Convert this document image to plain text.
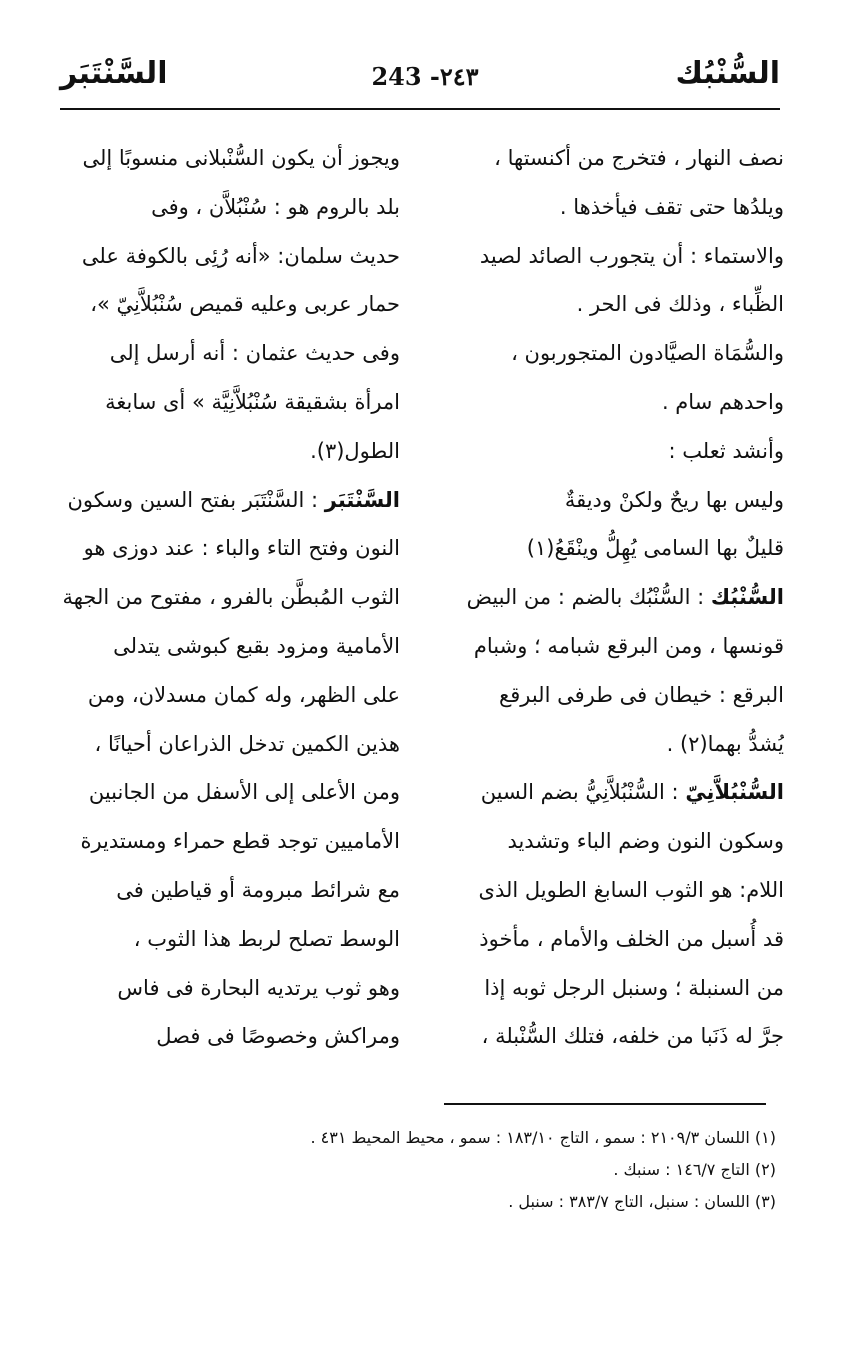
السُّنْبُك
243 -٢٤٣
السَّنْتَبَر
نصف النهار ، فتخرج من أكنستها ،
ويلدُها حتى تقف فيأخذها .
والاستماء : أن يتجورب الصائد لصيد
الظِّباء ، وذلك فى الحر .
والسُّمَاة الصيَّادون المتجوربون ،
واحدهم سام .
وأنشد ثعلب :
وليس بها ريحٌ ولكنْ وديقةٌ
قليلٌ بها السامى يُهِلُّ وينْقَعُ(١)
السُّنْبُك : السُّنْبُك بالضم : من البيض
قونسها ، ومن البرقع شبامه ؛ وشبام
البرقع : خيطان فى طرفى البرقع
يُشدُّ بهما(٢) .
السُّنْبُلاَّنِيّ : السُّنْبُلاَّنِيُّ بضم السين
وسكون النون وضم الباء وتشديد
اللام: هو الثوب السابغ الطويل الذى
قد أُسبل من الخلف والأمام ، مأخوذ
من السنبلة ؛ وسنبل الرجل ثوبه إذا
جرَّ له ذَنَبا من خلفه، فتلك السُّنْبلة ،
ويجوز أن يكون السُّنْبلانى منسوبًا إلى
بلد بالروم هو : سُنْبُلاَّن ، وفى
حديث سلمان: «أنه رُئِى بالكوفة على
حمار عربى وعليه قميص سُنْبُلاَّنِيّ »،
وفى حديث عثمان : أنه أرسل إلى
امرأة بشقيقة سُنْبُلاَّنِيَّة » أى سابغة
الطول(٣).
السَّنْتَبَر : السَّنْتَبَر بفتح السين وسكون
النون وفتح التاء والباء : عند دوزى هو
الثوب المُبطَّن بالفرو ، مفتوح من الجهة
الأمامية ومزود بقبع كبوشى يتدلى
على الظهر، وله كمان مسدلان، ومن
هذين الكمين تدخل الذراعان أحيانًا ،
ومن الأعلى إلى الأسفل من الجانبين
الأماميين توجد قطع حمراء ومستديرة
مع شرائط مبرومة أو قياطين فى
الوسط تصلح لربط هذا الثوب ،
وهو ثوب يرتديه البحارة فى فاس
ومراكش وخصوصًا فى فصل
(١) اللسان ٢١٠٩/٣ : سمو ، التاج ١٨٣/١٠ : سمو ، محيط المحيط ٤٣١ .
(٢) التاج ١٤٦/٧ : سنبك .
(٣) اللسان : سنبل، التاج ٣٨٣/٧ : سنبل .
